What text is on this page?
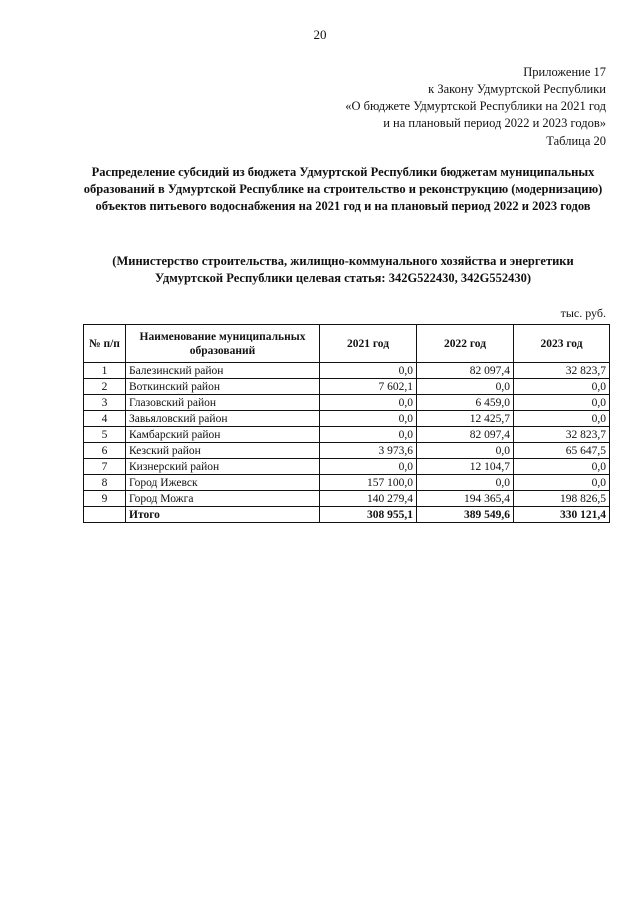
20
Приложение 17
к Закону Удмуртской Республики
«О бюджете Удмуртской Республики на 2021 год
и на плановый период 2022 и 2023 годов»
Таблица 20
Распределение субсидий из бюджета Удмуртской Республики бюджетам муниципальных
образований в Удмуртской Республике на строительство и реконструкцию (модернизацию)
объектов питьевого водоснабжения на 2021 год и на плановый период 2022 и 2023 годов
(Министерство строительства, жилищно-коммунального хозяйства и энергетики
Удмуртской Республики целевая статья: 342G522430, 342G552430)
тыс. руб.
№ п/п	Наименование муниципальных образований	2021 год	2022 год	2023 год
1	Балезинский район	0,0	82 097,4	32 823,7
2	Воткинский район	7 602,1	0,0	0,0
3	Глазовский район	0,0	6 459,0	0,0
4	Завьяловский район	0,0	12 425,7	0,0
5	Камбарский район	0,0	82 097,4	32 823,7
6	Кезский район	3 973,6	0,0	65 647,5
7	Кизнерский район	0,0	12 104,7	0,0
8	Город Ижевск	157 100,0	0,0	0,0
9	Город Можга	140 279,4	194 365,4	198 826,5
	Итого	308 955,1	389 549,6	330 121,4
